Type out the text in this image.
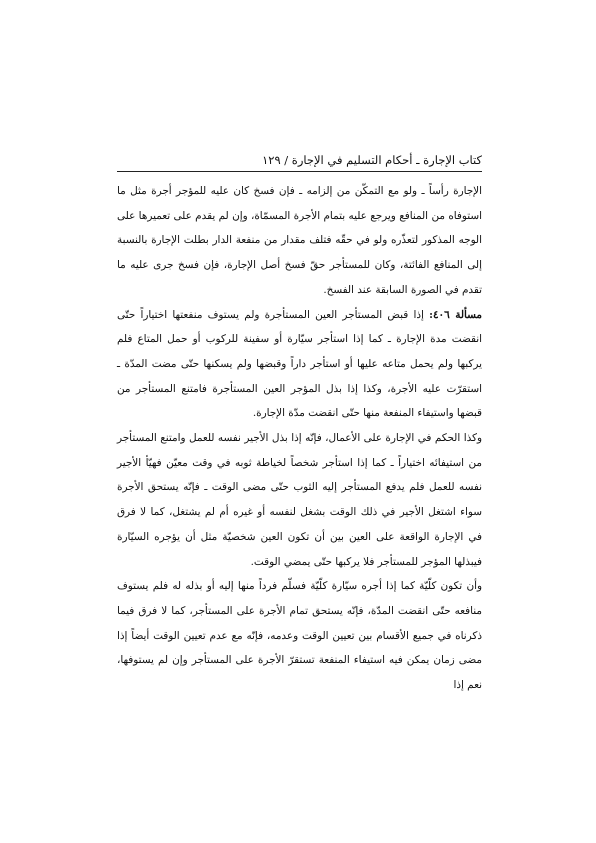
كتاب الإجارة ـ أحكام التسليم في الإجارة / ١٢٩

الإجارة رأساً ـ ولو مع التمكّن من إلزامه ـ فإن فسخ كان عليه للمؤجر أجرة مثل ما استوفاه من المنافع ويرجع عليه بتمام الأجرة المسمّاة، وإن لم يقدم على تعميرها على الوجه المذكور لتعذّره ولو في حقّه فتلف مقدار من منفعة الدار بطلت الإجارة بالنسبة إلى المنافع الفائتة، وكان للمستأجر حقّ فسخ أصل الإجارة، فإن فسخ جرى عليه ما تقدم في الصورة السابقة عند الفسخ.

مسألة ٤٠٦: إذا قبض المستأجر العين المستأجرة ولم يستوف منفعتها اختياراً حتّى انقضت مدة الإجارة ـ كما إذا استأجر سيّارة أو سفينة للركوب أو حمل المتاع فلم يركبها ولم يحمل متاعه عليها أو استأجر داراً وقبضها ولم يسكنها حتّى مضت المدّة ـ استقرّت عليه الأجرة، وكذا إذا بذل المؤجر العين المستأجرة فامتنع المستأجر من قبضها واستيفاء المنفعة منها حتّى انقضت مدّة الإجارة.

وكذا الحكم في الإجارة على الأعمال، فإنّه إذا بذل الأجير نفسه للعمل وامتنع المستأجر من استيفائه اختياراً ـ كما إذا استأجر شخصاً لخياطة ثوبه في وقت معيّن فهيّأ الأجير نفسه للعمل فلم يدفع المستأجر إليه الثوب حتّى مضى الوقت ـ فإنّه يستحق الأجرة سواء اشتغل الأجير في ذلك الوقت بشغل لنفسه أو غيره أم لم يشتغل، كما لا فرق في الإجارة الواقعة على العين بين أن تكون العين شخصيّة مثل أن يؤجره السيّارة فيبذلها المؤجر للمستأجر فلا يركبها حتّى يمضي الوقت.

وأن تكون كلّيّة كما إذا أجره سيّارة كلّيّة فسلّم فرداً منها إليه أو بذله له فلم يستوف منافعه حتّى انقضت المدّة، فإنّه يستحق تمام الأجرة على المستأجر، كما لا فرق فيما ذكرناه في جميع الأقسام بين تعيين الوقت وعدمه، فإنّه مع عدم تعيين الوقت أيضاً إذا مضى زمان يمكن فيه استيفاء المنفعة تستقرّ الأجرة على المستأجر وإن لم يستوفها، نعم إذا
